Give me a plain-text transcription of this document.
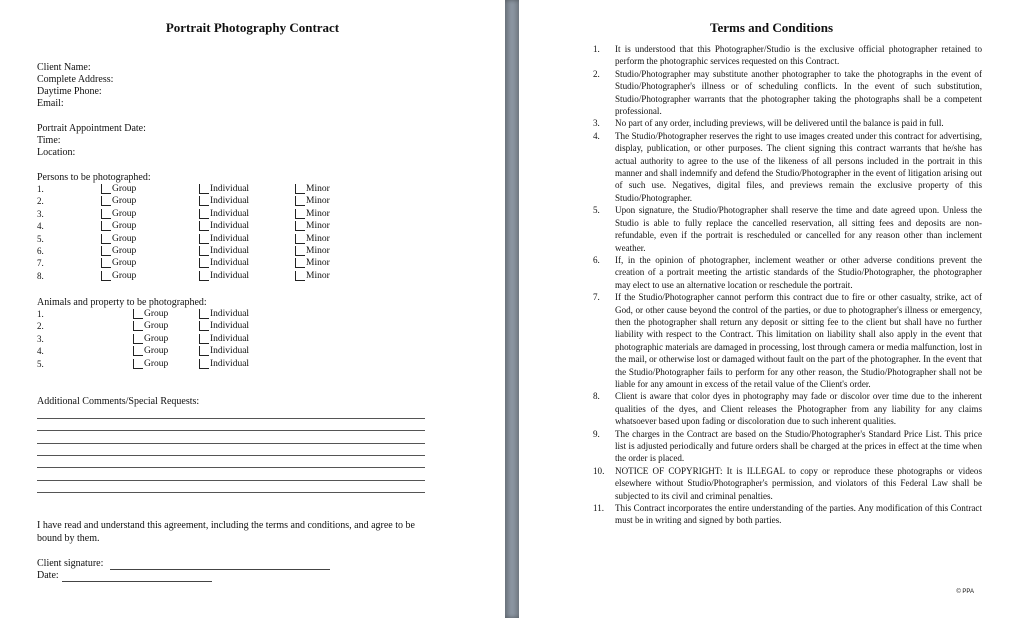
Portrait Photography Contract
Client Name:
Complete Address:
Daytime Phone:
Email:
Portrait Appointment Date:
Time:
Location:
Persons to be photographed:
1.	Group	Individual	Minor
2.	Group	Individual	Minor
3.	Group	Individual	Minor
4.	Group	Individual	Minor
5.	Group	Individual	Minor
6.	Group	Individual	Minor
7.	Group	Individual	Minor
8.	Group	Individual	Minor
Animals and property to be photographed:
1.	Group	Individual
2.	Group	Individual
3.	Group	Individual
4.	Group	Individual
5.	Group	Individual
Additional Comments/Special Requests:
I have read and understand this agreement, including the terms and conditions, and agree to be bound by them.
Client signature:
Date:
Terms and Conditions
1. It is understood that this Photographer/Studio is the exclusive official photographer retained to perform the photographic services requested on this Contract.
2. Studio/Photographer may substitute another photographer to take the photographs in the event of Studio/Photographer's illness or of scheduling conflicts. In the event of such substitution, Studio/Photographer warrants that the photographer taking the photographs shall be a competent professional.
3. No part of any order, including previews, will be delivered until the balance is paid in full.
4. The Studio/Photographer reserves the right to use images created under this contract for advertising, display, publication, or other purposes. The client signing this contract warrants that he/she has actual authority to agree to the use of the likeness of all persons included in the portrait in this manner and shall indemnify and defend the Studio/Photographer in the event of litigation arising out of such use. Negatives, digital files, and previews remain the exclusive property of this Studio/Photographer.
5. Upon signature, the Studio/Photographer shall reserve the time and date agreed upon. Unless the Studio is able to fully replace the cancelled reservation, all sitting fees and deposits are non-refundable, even if the portrait is rescheduled or cancelled for any reason other than inclement weather.
6. If, in the opinion of photographer, inclement weather or other adverse conditions prevent the creation of a portrait meeting the artistic standards of the Studio/Photographer, the photographer may elect to use an alternative location or reschedule the portrait.
7. If the Studio/Photographer cannot perform this contract due to fire or other casualty, strike, act of God, or other cause beyond the control of the parties, or due to photographer's illness or emergency, then the photographer shall return any deposit or sitting fee to the client but shall have no further liability with respect to the Contract. This limitation on liability shall also apply in the event that photographic materials are damaged in processing, lost through camera or media malfunction, lost in the mail, or otherwise lost or damaged without fault on the part of the photographer. In the event that the Studio/Photographer fails to perform for any other reason, the Studio/Photographer shall not be liable for any amount in excess of the retail value of the Client's order.
8. Client is aware that color dyes in photography may fade or discolor over time due to the inherent qualities of the dyes, and Client releases the Photographer from any liability for any claims whatsoever based upon fading or discoloration due to such inherent qualities.
9. The charges in the Contract are based on the Studio/Photographer's Standard Price List. This price list is adjusted periodically and future orders shall be charged at the prices in effect at the time when the order is placed.
10. NOTICE OF COPYRIGHT: It is ILLEGAL to copy or reproduce these photographs or videos elsewhere without Studio/Photographer's permission, and violators of this Federal Law shall be subjected to its civil and criminal penalties.
11. This Contract incorporates the entire understanding of the parties. Any modification of this Contract must be in writing and signed by both parties.
© PPA
